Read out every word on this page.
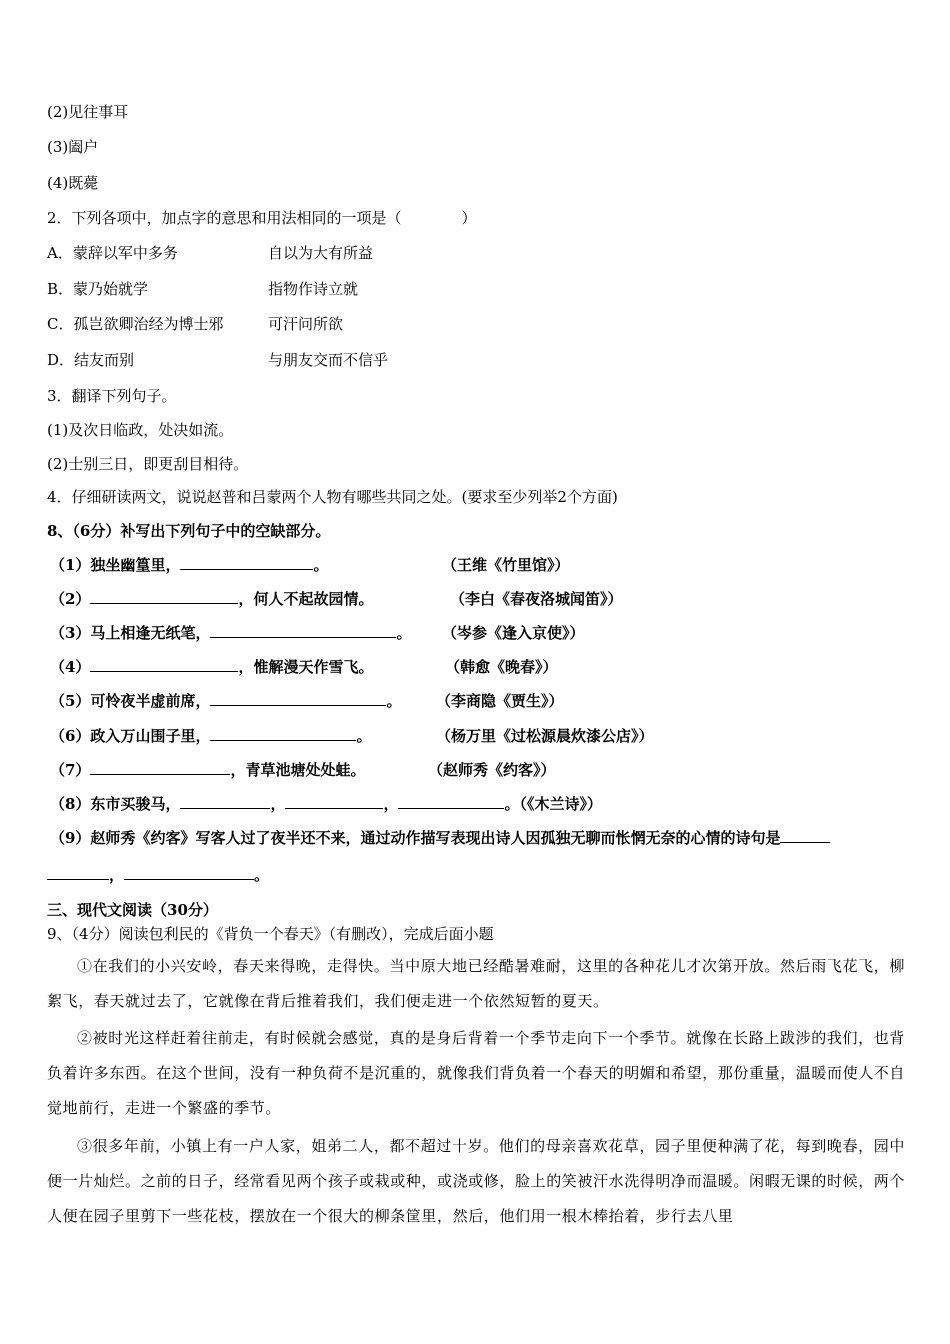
(2)见往事耳
(3)阖户
(4)既薨
2．下列各项中，加点字的意思和用法相同的一项是（　　　　）
A．蒙辞以军中多务	自以为大有所益
B．蒙乃始就学	指物作诗立就
C．孤岂欲卿治经为博士邪	可汗问所欲
D．结友而别	与朋友交而不信乎
3．翻译下列句子。
(1)及次日临政，处决如流。
(2)士别三日，即更刮目相待。
4．仔细研读两文，说说赵普和吕蒙两个人物有哪些共同之处。(要求至少列举2个方面)
8、（6分）补写出下列句子中的空缺部分。
（1）独坐幽篁里，	。	（王维《竹里馆》）
（2）	，何人不起故园情。	（李白《春夜洛城闻笛》）
（3）马上相逢无纸笔，	。 （岑参《逢入京使》）
（4）	，惟解漫天作雪飞。	（韩愈《晚春》）
（5）可怜夜半虚前席，	。 （李商隐《贾生》）
（6）政入万山围子里，	。	（杨万里《过松源晨炊漆公店》）
（7）	，青草池塘处处蛙。	（赵师秀《约客》）
（8）东市买骏马，	，	，	。（《木兰诗》）
（9）赵师秀《约客》写客人过了夜半还不来，通过动作描写表现出诗人因孤独无聊而怅惘无奈的心情的诗句是
，	。
三、现代文阅读（30分）
9、（4分）阅读包利民的《背负一个春天》（有删改），完成后面小题
①在我们的小兴安岭，春天来得晚，走得快。当中原大地已经酷暑难耐，这里的各种花儿才次第开放。然后雨飞花飞，柳絮飞，春天就过去了，它就像在背后推着我们，我们便走进一个依然短暂的夏天。
②被时光这样赶着往前走，有时候就会感觉，真的是身后背着一个季节走向下一个季节。就像在长路上跋涉的我们，也背负着许多东西。在这个世间，没有一种负荷不是沉重的，就像我们背负着一个春天的明媚和希望，那份重量，温暖而使人不自觉地前行，走进一个繁盛的季节。
③很多年前，小镇上有一户人家，姐弟二人，都不超过十岁。他们的母亲喜欢花草，园子里便种满了花，每到晚春，园中便一片灿烂。之前的日子，经常看见两个孩子或栽或种，或浇或修，脸上的笑被汗水洗得明净而温暖。闲暇无课的时候，两个人便在园子里剪下一些花枝，摆放在一个很大的柳条筐里，然后，他们用一根木棒抬着，步行去八里
